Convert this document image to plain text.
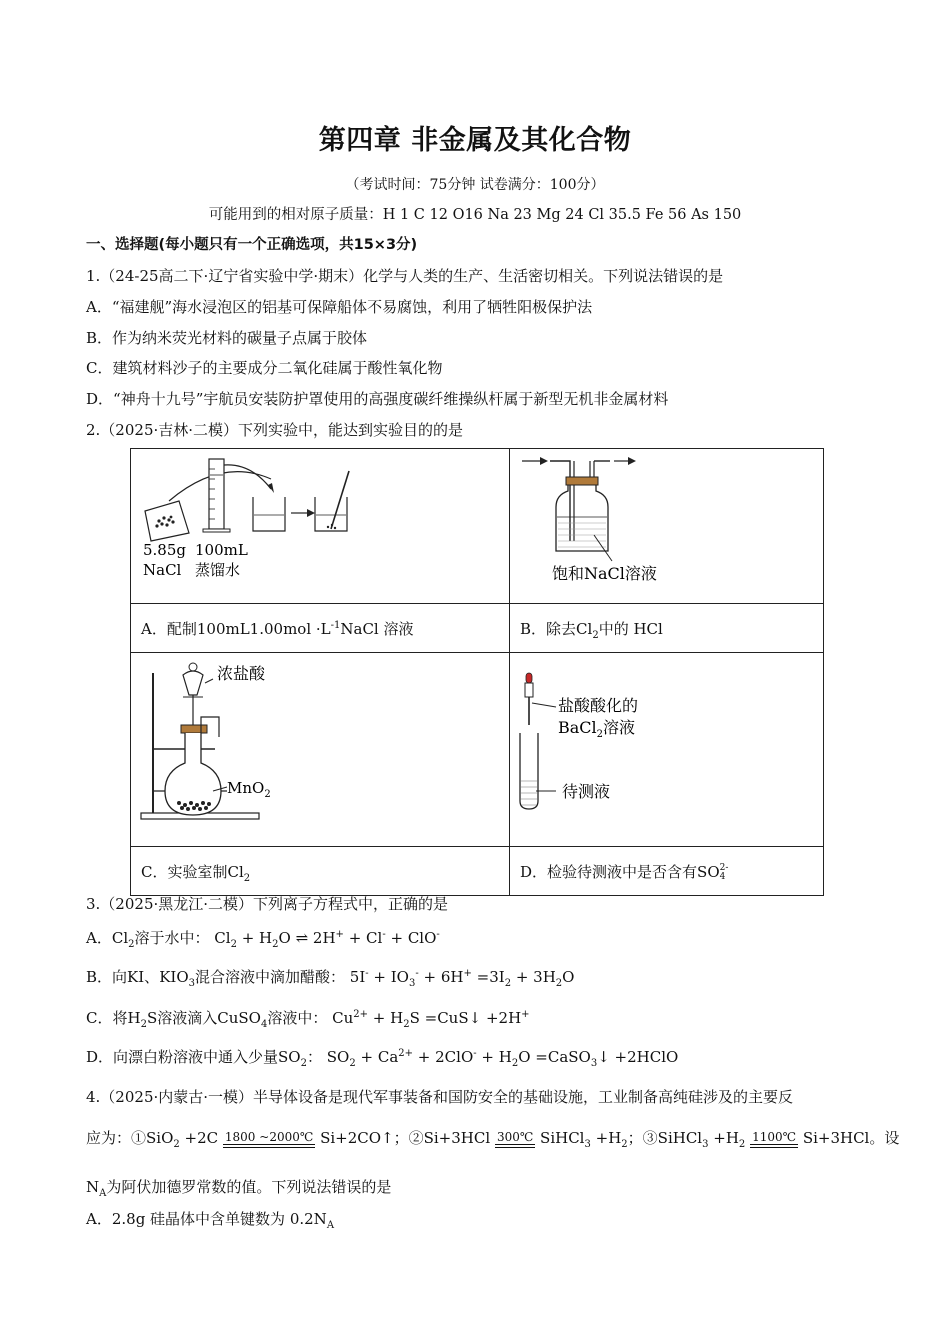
第四章 非金属及其化合物
（考试时间：75分钟 试卷满分：100分）
可能用到的相对原子质量：H 1 C 12 O16 Na 23 Mg 24 Cl 35.5 Fe 56 As 150
一、选择题(每小题只有一个正确选项，共15×3分)
1.（24-25高二下·辽宁省实验中学·期末）化学与人类的生产、生活密切相关。下列说法错误的是
A．“福建舰”海水浸泡区的铝基可保障船体不易腐蚀，利用了牺牲阳极保护法
B．作为纳米荧光材料的碳量子点属于胶体
C．建筑材料沙子的主要成分二氧化硅属于酸性氧化物
D．“神舟十九号”宇航员安装防护罩使用的高强度碳纤维操纵杆属于新型无机非金属材料
2.（2025·吉林·二模）下列实验中，能达到实验目的的是
5.85g
NaCl
100mL
蒸馏水	饱和NaCl溶液

A．配制$100mL1.00mol \cdot L^{-1}NaCl$ 溶液	B．除去$Cl_2$中的 HCl

浓盐酸
MnO$_2$	盐酸酸化的
BaCl$_2$溶液
待测液

C．实验室制$Cl_2$	D．检验待测液中是否含有SO 2-
4
3.（2025·黑龙江·二模）下列离子方程式中，正确的是
A．$Cl_2$溶于水中： $Cl_2 + H_2O$ ⇌ 2H+ + Cl- + ClO-
B．向KI、$KIO_3$混合溶液中滴加醋酸： $5I^- + IO_3^- + 6H^+ =3I_2 + 3H_2O$
C．将$H_2S$溶液滴入CuSO$_4$溶液中： $Cu^{2+} + H_2S$ =CuS↓ +2H+
D．向漂白粉溶液中通入少量$SO_2$： $SO_2 + Ca^{2+} + 2ClO^- + H_2O$ =CaSO$_3$↓ +2HClO
4.（2025·内蒙古·一模）半导体设备是现代军事装备和国防安全的基础设施，工业制备高纯硅涉及的主要反
应为：①SiO$_2$ +2C 1800 ~2000℃ Si+2CO↑；②Si+3HCl 300℃ SiHCl$_3$ $+H_2$；③SiHCl$_3$ $+H_2$
1100℃ Si+3HCl。设
$N_A$为阿伏加德罗常数的值。下列说法错误的是
A．2.8g 硅晶体中含单键数为 $0.2N_A$
